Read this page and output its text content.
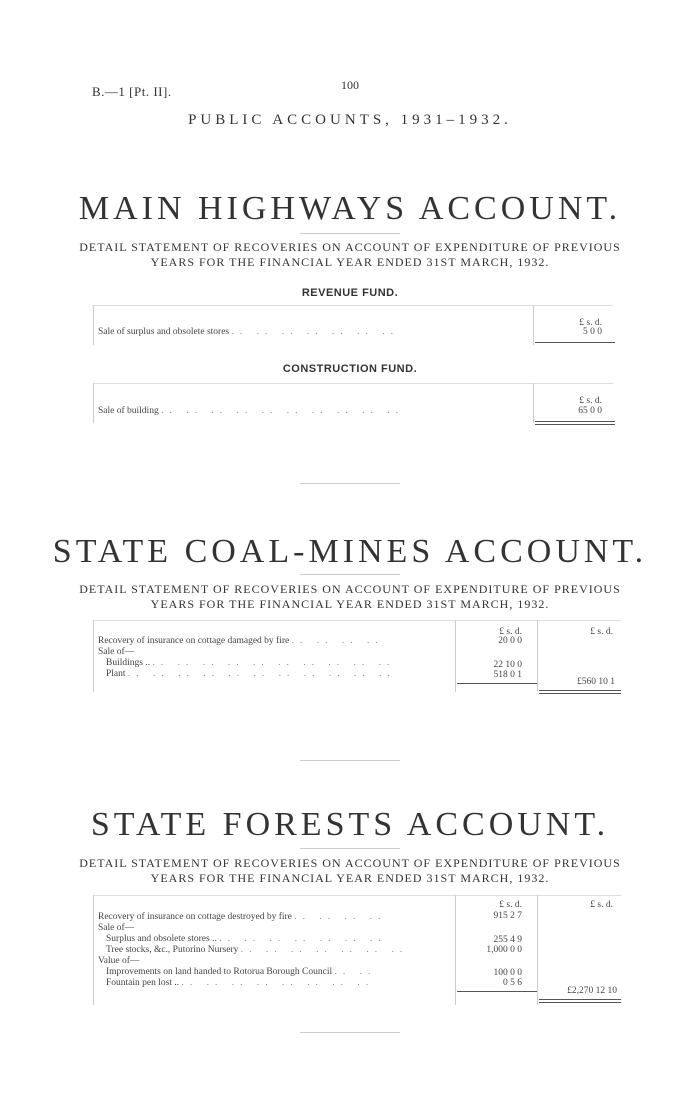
B.—1 [Pt. II].	100
PUBLIC ACCOUNTS, 1931–1932.
MAIN HIGHWAYS ACCOUNT.
DETAIL STATEMENT OF RECOVERIES ON ACCOUNT OF EXPENDITURE OF PREVIOUS
YEARS FOR THE FINANCIAL YEAR ENDED 31ST MARCH, 1932.
REVENUE FUND.
£ s. d.
Sale of surplus and obsolete stores .. .. .. .. .. .. ..	5 0 0
CONSTRUCTION FUND.
£ s. d.
Sale of building .. .. .. .. .. .. .. .. .. ..	65 0 0
STATE COAL-MINES ACCOUNT.
DETAIL STATEMENT OF RECOVERIES ON ACCOUNT OF EXPENDITURE OF PREVIOUS
YEARS FOR THE FINANCIAL YEAR ENDED 31ST MARCH, 1932.
£ s. d.	£ s. d.
Recovery of insurance on cottage damaged by fire .. .. .. ..	20 0 0
Sale of—
Buildings .. .. .. .. .. .. .. .. .. .. ..	22 10 0
Plant .. .. .. .. .. .. .. .. .. .. ..	518 0 1
£560 10 1
STATE FORESTS ACCOUNT.
DETAIL STATEMENT OF RECOVERIES ON ACCOUNT OF EXPENDITURE OF PREVIOUS
YEARS FOR THE FINANCIAL YEAR ENDED 31ST MARCH, 1932.
£ s. d.	£ s. d.
Recovery of insurance on cottage destroyed by fire .. .. .. ..	915 2 7
Sale of—
Surplus and obsolete stores .. .. .. .. .. .. .. ..	255 4 9
Tree stocks, &c., Putorino Nursery .. .. .. .. .. .. ..	1,000 0 0
Value of—
Improvements on land handed to Rotorua Borough Council .. ..	100 0 0
Fountain pen lost .. .. .. .. .. .. .. .. ..	0 5 6
£2,270 12 10
